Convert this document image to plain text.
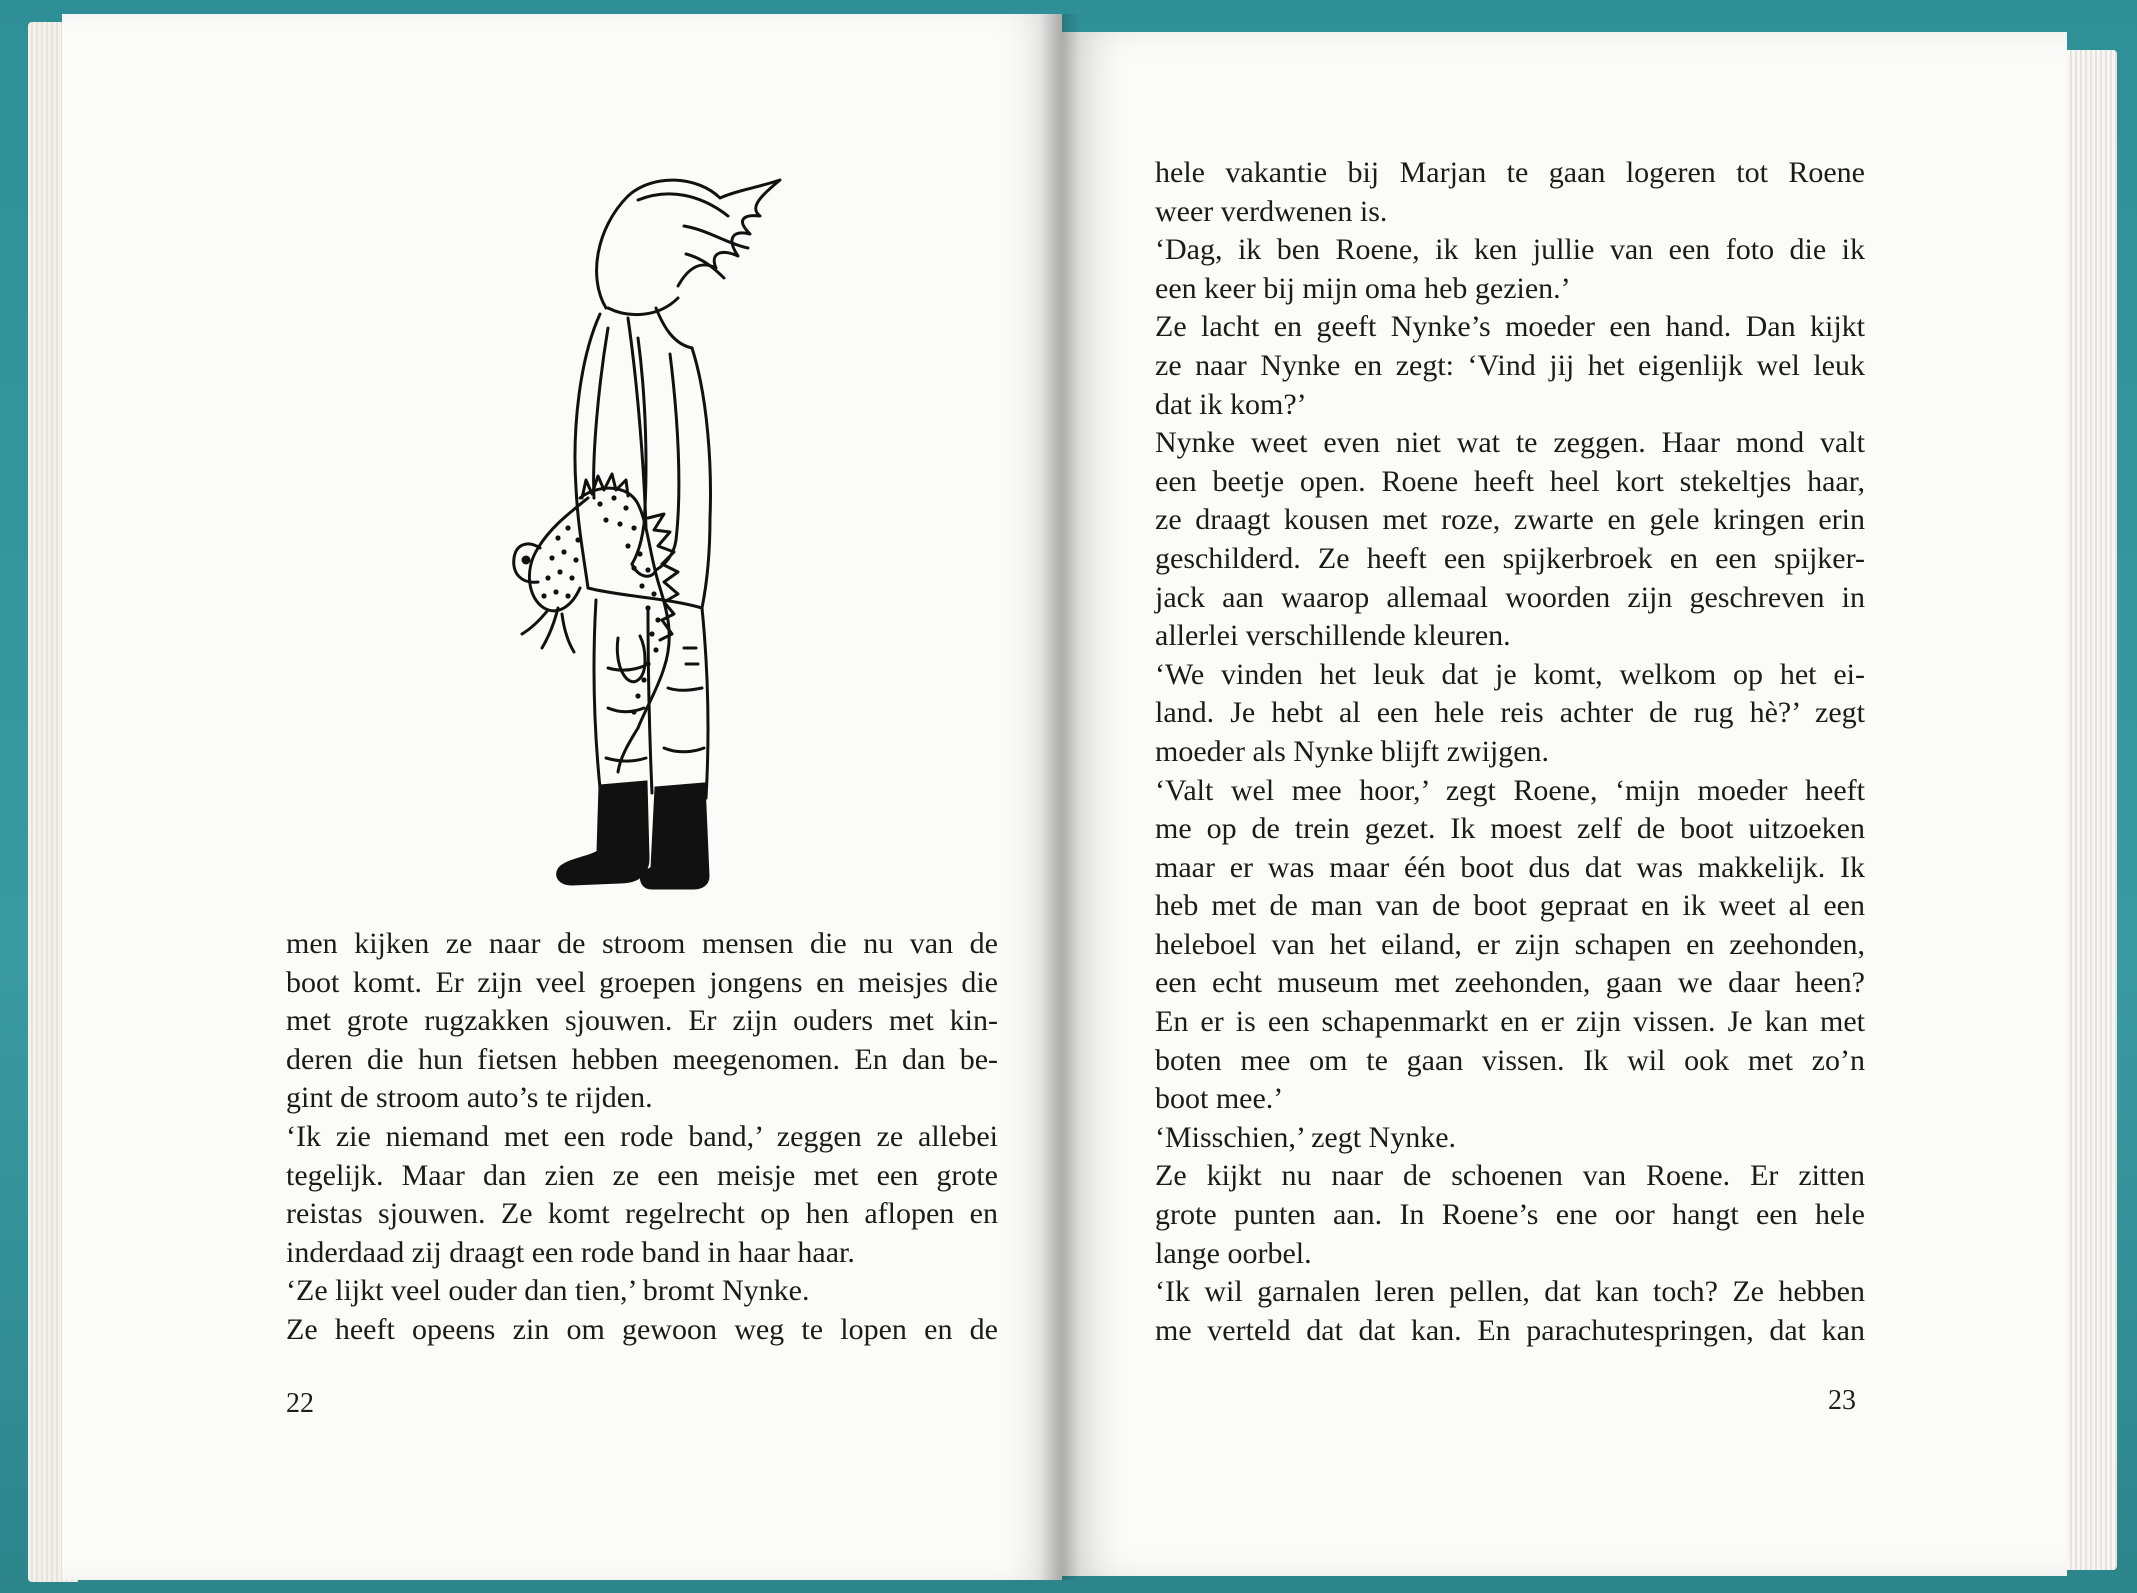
men kijken ze naar de stroom mensen die nu van de
boot komt. Er zijn veel groepen jongens en meisjes die
met grote rugzakken sjouwen. Er zijn ouders met kin-
deren die hun fietsen hebben meegenomen. En dan be-
gint de stroom auto’s te rijden.
‘Ik zie niemand met een rode band,’ zeggen ze allebei
tegelijk. Maar dan zien ze een meisje met een grote
reistas sjouwen. Ze komt regelrecht op hen aflopen en
inderdaad zij draagt een rode band in haar haar.
‘Ze lijkt veel ouder dan tien,’ bromt Nynke.
Ze heeft opeens zin om gewoon weg te lopen en de
22
hele vakantie bij Marjan te gaan logeren tot Roene
weer verdwenen is.
‘Dag, ik ben Roene, ik ken jullie van een foto die ik
een keer bij mijn oma heb gezien.’
Ze lacht en geeft Nynke’s moeder een hand. Dan kijkt
ze naar Nynke en zegt: ‘Vind jij het eigenlijk wel leuk
dat ik kom?’
Nynke weet even niet wat te zeggen. Haar mond valt
een beetje open. Roene heeft heel kort stekeltjes haar,
ze draagt kousen met roze, zwarte en gele kringen erin
geschilderd. Ze heeft een spijkerbroek en een spijker-
jack aan waarop allemaal woorden zijn geschreven in
allerlei verschillende kleuren.
‘We vinden het leuk dat je komt, welkom op het ei-
land. Je hebt al een hele reis achter de rug hè?’ zegt
moeder als Nynke blijft zwijgen.
‘Valt wel mee hoor,’ zegt Roene, ‘mijn moeder heeft
me op de trein gezet. Ik moest zelf de boot uitzoeken
maar er was maar één boot dus dat was makkelijk. Ik
heb met de man van de boot gepraat en ik weet al een
heleboel van het eiland, er zijn schapen en zeehonden,
een echt museum met zeehonden, gaan we daar heen?
En er is een schapenmarkt en er zijn vissen. Je kan met
boten mee om te gaan vissen. Ik wil ook met zo’n
boot mee.’
‘Misschien,’ zegt Nynke.
Ze kijkt nu naar de schoenen van Roene. Er zitten
grote punten aan. In Roene’s ene oor hangt een hele
lange oorbel.
‘Ik wil garnalen leren pellen, dat kan toch? Ze hebben
me verteld dat dat kan. En parachutespringen, dat kan
23
